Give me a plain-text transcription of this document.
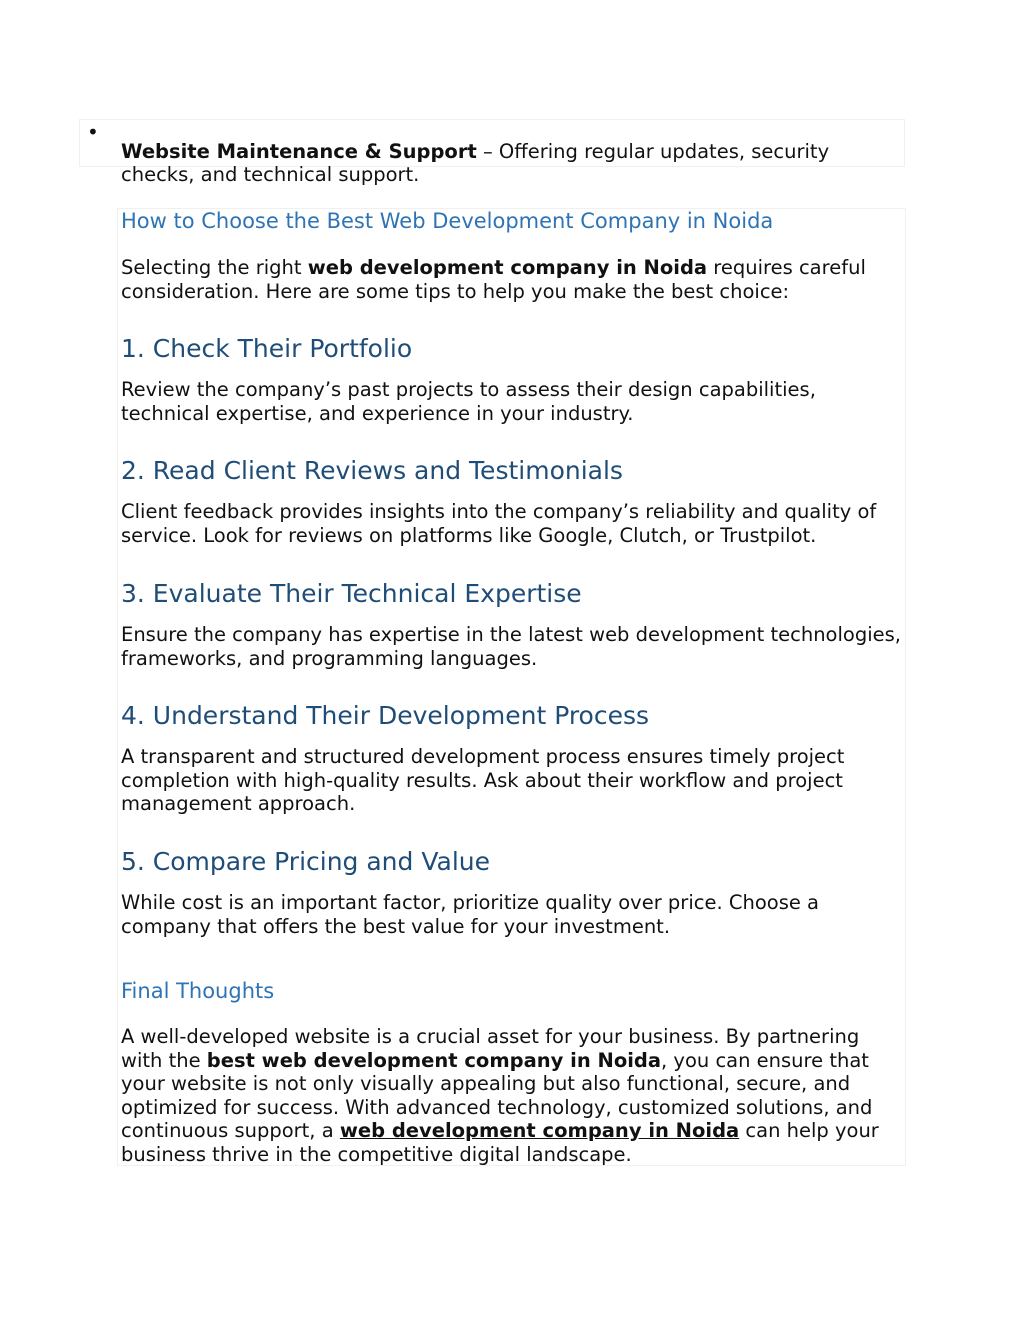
•

Website Maintenance & Support – Offering regular updates, security checks, and technical support.

How to Choose the Best Web Development Company in Noida

Selecting the right web development company in Noida requires careful consideration. Here are some tips to help you make the best choice:

1. Check Their Portfolio

Review the company’s past projects to assess their design capabilities, technical expertise, and experience in your industry.

2. Read Client Reviews and Testimonials

Client feedback provides insights into the company’s reliability and quality of service. Look for reviews on platforms like Google, Clutch, or Trustpilot.

3. Evaluate Their Technical Expertise

Ensure the company has expertise in the latest web development technologies, frameworks, and programming languages.

4. Understand Their Development Process

A transparent and structured development process ensures timely project completion with high-quality results. Ask about their workflow and project management approach.

5. Compare Pricing and Value

While cost is an important factor, prioritize quality over price. Choose a company that offers the best value for your investment.

Final Thoughts

A well-developed website is a crucial asset for your business. By partnering with the best web development company in Noida, you can ensure that your website is not only visually appealing but also functional, secure, and optimized for success. With advanced technology, customized solutions, and continuous support, a web development company in Noida can help your business thrive in the competitive digital landscape.
